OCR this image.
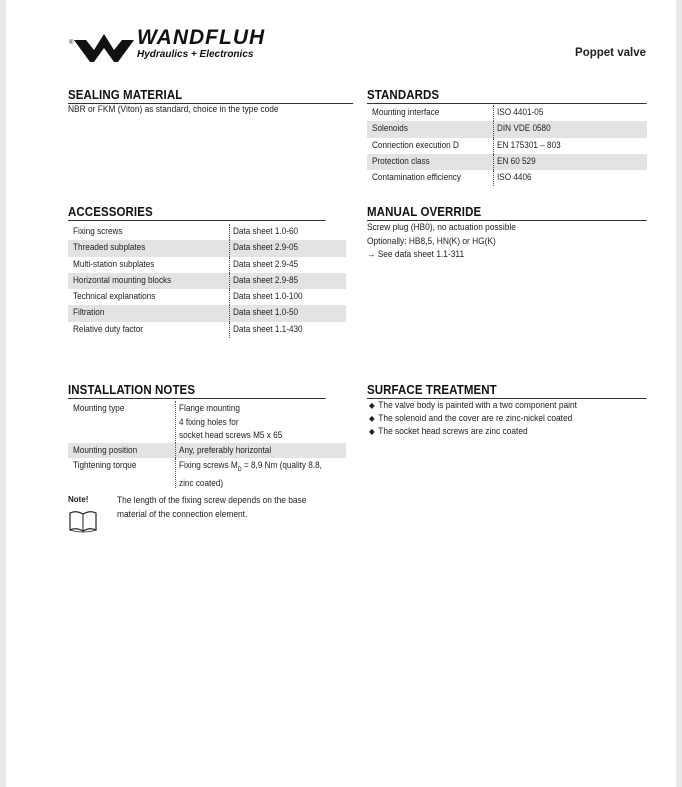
®	WANDFLUH
Hydraulics + Electronics	Poppet valve
SEALING MATERIAL
NBR or FKM (Viton) as standard, choice in the type code
STANDARDS
Mounting interface	ISO 4401-05
Solenoids	DIN VDE 0580
Connection execution D	EN 175301 – 803
Protection class	EN 60 529
Contamination efficiency	ISO 4406
ACCESSORIES
Fixing screws	Data sheet 1.0-60
Threaded subplates	Data sheet 2.9-05
Multi-station subplates	Data sheet 2.9-45
Horizontal mounting blocks	Data sheet 2.9-85
Technical explanations	Data sheet 1.0-100
Filtration	Data sheet 1.0-50
Relative duty factor	Data sheet 1.1-430
MANUAL OVERRIDE
Screw plug (HB0), no actuation possible
Optionally: HB8,5, HN(K) or HG(K)
→ See data sheet 1.1-311
INSTALLATION NOTES
Mounting type	Flange mounting
4 fixing holes for
socket head screws M5 x 65
Mounting position	Any, preferably horizontal
Tightening torque	Fixing screws $M_D = 8,9$ Nm (quality 8.8,
zinc coated)
Note!	The length of the fixing screw depends on the base
material of the connection element.
SURFACE TREATMENT
◆ The valve body is painted with a two component paint
◆ The solenoid and the cover are re zinc-nickel coated
◆ The socket head screws are zinc coated
